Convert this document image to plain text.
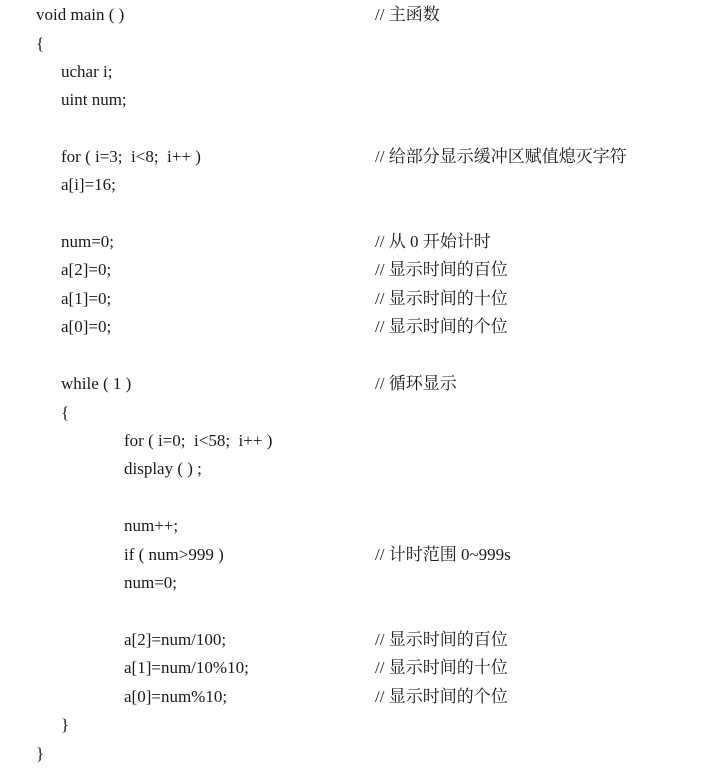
void main ( )	// 主函数
{
uchar i;
uint num;
for ( i=3;  i<8;  i++ )	// 给部分显示缓冲区赋值熄灭字符
a[i]=16;
num=0;	// 从 0 开始计时
a[2]=0;	// 显示时间的百位
a[1]=0;	// 显示时间的十位
a[0]=0;	// 显示时间的个位
while ( 1 )	// 循环显示
{
for ( i=0;  i<58;  i++ )
display ( ) ;
num++;
if ( num>999 )	// 计时范围 0~999s
num=0;
a[2]=num/100;	// 显示时间的百位
a[1]=num/10%10;	// 显示时间的十位
a[0]=num%10;	// 显示时间的个位
}
}
